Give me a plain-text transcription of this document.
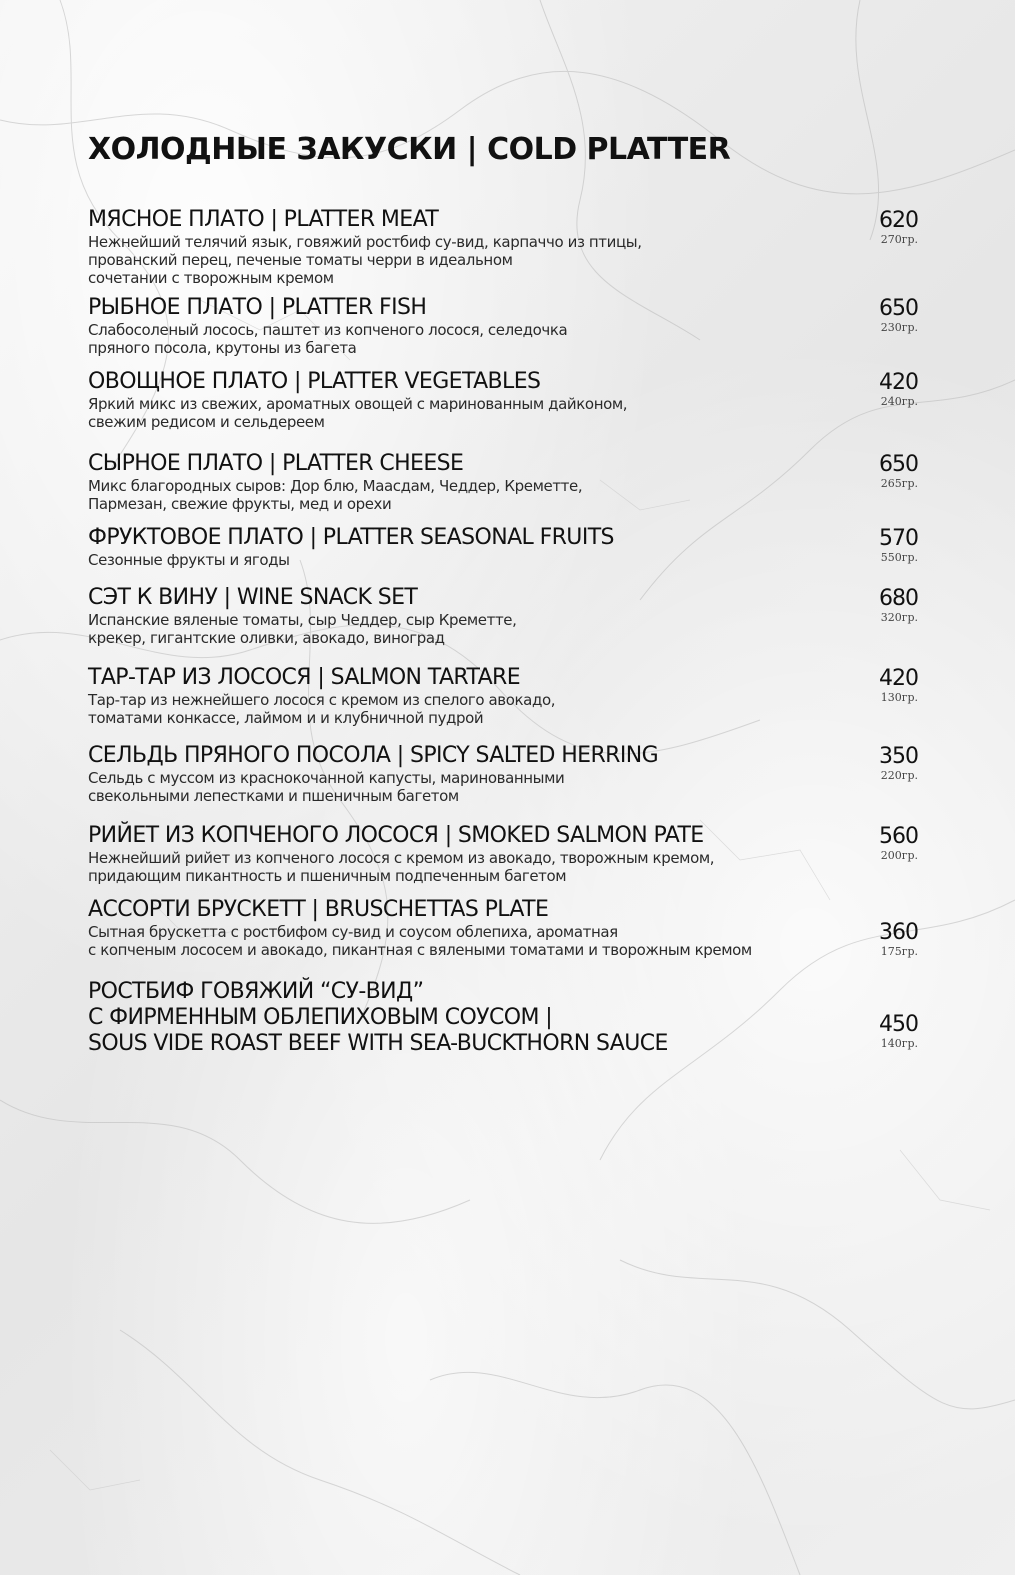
ХОЛОДНЫЕ ЗАКУСКИ | COLD PLATTER
МЯСНОЕ ПЛАТО | PLATTER MEAT
Нежнейший телячий язык, говяжий ростбиф су-вид, карпаччо из птицы,
прованский перец, печеные томаты черри в идеальном
сочетании с творожным кремом
620
270гр.
РЫБНОЕ ПЛАТО | PLATTER FISH
Слабосоленый лосось, паштет из копченого лосося, селедочка
пряного посола, крутоны из багета
650
230гр.
ОВОЩНОЕ ПЛАТО | PLATTER VEGETABLES
Яркий микс из свежих, ароматных овощей с маринованным дайконом,
свежим редисом и сельдереем
420
240гр.
СЫРНОЕ ПЛАТО | PLATTER CHEESE
Микс благородных сыров: Дор блю, Маасдам, Чеддер, Креметте,
Пармезан, свежие фрукты, мед и орехи
650
265гр.
ФРУКТОВОЕ ПЛАТО | PLATTER SEASONAL FRUITS
Сезонные фрукты и ягоды
570
550гр.
СЭТ К ВИНУ | WINE SNACK SET
Испанские вяленые томаты, сыр Чеддер, сыр Креметте,
крекер, гигантские оливки, авокадо, виноград
680
320гр.
ТАР-ТАР ИЗ ЛОСОСЯ | SALMON TARTARE
Тар-тар из нежнейшего лосося с кремом из спелого авокадо,
томатами конкассе, лаймом и и клубничной пудрой
420
130гр.
СЕЛЬДЬ ПРЯНОГО ПОСОЛА | SPICY SALTED HERRING
Сельдь с муссом из краснокочанной капусты, маринованными
свекольными лепестками и пшеничным багетом
350
220гр.
РИЙЕТ ИЗ КОПЧЕНОГО ЛОСОСЯ | SMOKED SALMON PATE
Нежнейший рийет из копченого лосося с кремом из авокадо, творожным кремом,
придающим пикантность и пшеничным подпеченным багетом
560
200гр.
АССОРТИ БРУСКЕТТ | BRUSCHETTAS PLATE
Сытная брускетта с ростбифом су-вид и соусом облепиха, ароматная
с копченым лососем и авокадо, пикантная с вялеными томатами и творожным кремом
360
175гр.
РОСТБИФ ГОВЯЖИЙ “СУ-ВИД”
С ФИРМЕННЫМ ОБЛЕПИХОВЫМ СОУСОМ |
SOUS VIDE ROAST BEEF WITH SEA-BUCKTHORN SAUCE
450
140гр.
